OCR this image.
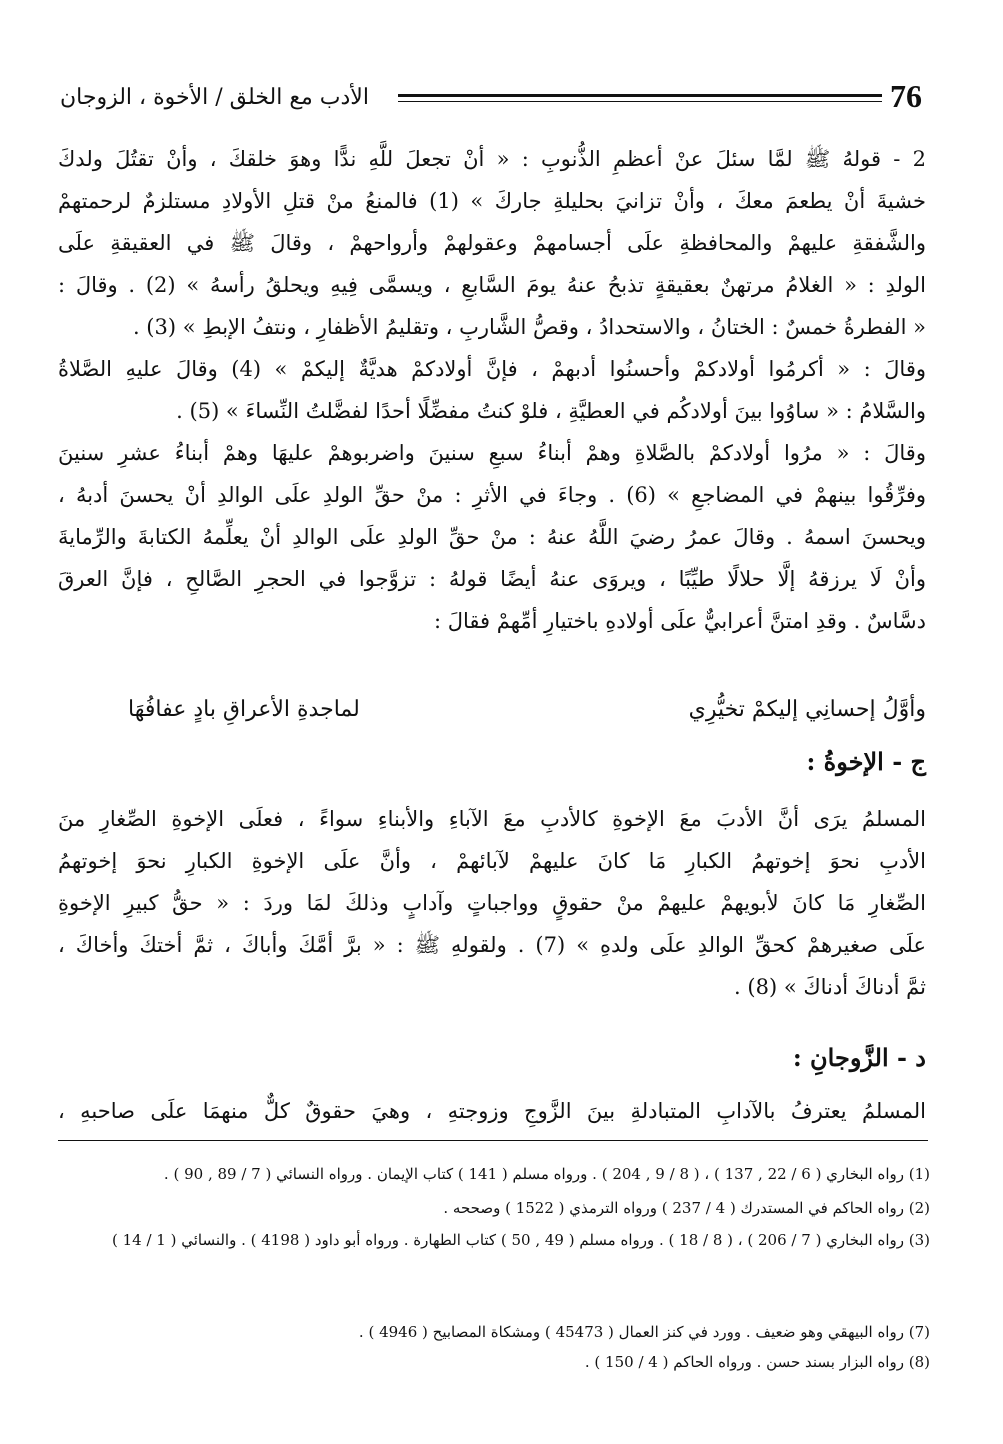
76
الأدب مع الخلق / الأخوة ، الزوجان
2 - قولهُ ﷺ لمَّا سئلَ عنْ أعظمِ الذُّنوبِ : « أنْ تجعلَ للَّهِ ندًّا وهوَ خلقكَ ، وأنْ تقتُلَ ولدكَ
خشيةَ أنْ يطعمَ معكَ ، وأنْ تزانيَ بحليلةِ جاركَ » (1) فالمنعُ منْ قتلِ الأولادِ مستلزمٌ لرحمتهمْ
والشَّفقةِ عليهمْ والمحافظةِ علَى أجسامهمْ وعقولهمْ وأرواحهمْ ، وقالَ ﷺ في العقيقةِ علَى
الولدِ : « الغلامُ مرتهنٌ بعقيقةٍ تذبحُ عنهُ يومَ السَّابعِ ، ويسمَّى فِيهِ ويحلقُ رأسهُ » (2) . وقالَ :
« الفطرةُ خمسٌ : الختانُ ، والاستحدادُ ، وقصُّ الشَّاربِ ، وتقليمُ الأظفارِ ، ونتفُ الإبطِ » (3) .
وقالَ : « أكرمُوا أولادكمْ وأحسنُوا أدبهمْ ، فإنَّ أولادكمْ هديَّةٌ إليكمْ » (4) وقالَ عليهِ الصَّلاةُ
والسَّلامُ : « ساوُوا بينَ أولادكُم في العطيَّةِ ، فلوْ كنتُ مفضِّلًا أحدًا لفضَّلتُ النِّساءَ » (5) .
وقالَ : « مرُوا أولادكمْ بالصَّلاةِ وهمْ أبناءُ سبعِ سنينَ واضربوهمْ عليهَا وهمْ أبناءُ عشرِ سنينَ
وفرِّقُوا بينهمْ في المضاجعِ » (6) . وجاءَ في الأثرِ : منْ حقِّ الولدِ علَى الوالدِ أنْ يحسنَ أدبهُ ،
ويحسنَ اسمهُ . وقالَ عمرُ رضيَ اللَّهُ عنهُ : منْ حقِّ الولدِ علَى الوالدِ أنْ يعلِّمهُ الكتابةَ والرِّمايةَ
وأنْ لَا يرزقهُ إلَّا حلالًا طيِّبًا ، ويروَى عنهُ أيضًا قولهُ : تزوَّجوا في الحجرِ الصَّالحِ ، فإنَّ العرقَ
دسَّاسٌ . وقدِ امتنَّ أعرابيٌّ علَى أولادهِ باختيارِ أمِّهمْ فقالَ :
وأوَّلُ إحسانِي إليكمْ تخيُّرِي
لماجدةِ الأعراقِ بادٍ عفافُهَا
ج - الإخوةُ :
المسلمُ يرَى أنَّ الأدبَ معَ الإخوةِ كالأدبِ معَ الآباءِ والأبناءِ سواءً ، فعلَى الإخوةِ الصِّغارِ منَ
الأدبِ نحوَ إخوتهمُ الكبارِ مَا كانَ عليهمْ لآبائهمْ ، وأنَّ علَى الإخوةِ الكبارِ نحوَ إخوتهمُ
الصِّغارِ مَا كانَ لأبويهمْ عليهمْ منْ حقوقٍ وواجباتٍ وآدابٍ وذلكَ لمَا وردَ : « حقُّ كبيرِ الإخوةِ
علَى صغيرهمْ كحقِّ الوالدِ علَى ولدهِ » (7) . ولقولهِ ﷺ : « برَّ أمَّكَ وأباكَ ، ثمَّ أختكَ وأخاكَ ،
ثمَّ أدناكَ أدناكَ » (8) .
د - الزَّوجانِ :
المسلمُ يعترفُ بالآدابِ المتبادلةِ بينَ الزَّوجِ وزوجتهِ ، وهيَ حقوقٌ كلٌّ منهمَا علَى صاحبهِ ،
(1) رواه البخاري ( 6 / 22 , 137 ) ، ( 8 / 9 , 204 ) . ورواه مسلم ( 141 ) كتاب الإيمان . ورواه النسائي ( 7 / 89 , 90 ) .
(2) رواه الحاكم في المستدرك ( 4 / 237 ) ورواه الترمذي ( 1522 ) وصححه .
(3) رواه البخاري ( 7 / 206 ) ، ( 8 / 18 ) . ورواه مسلم ( 49 , 50 ) كتاب الطهارة . ورواه أبو داود ( 4198 ) . والنسائي ( 1 / 14 )
(7) رواه البيهقي وهو ضعيف . وورد في كنز العمال ( 45473 ) ومشكاة المصابيح ( 4946 ) .
(8) رواه البزار بسند حسن . ورواه الحاكم ( 4 / 150 ) .
